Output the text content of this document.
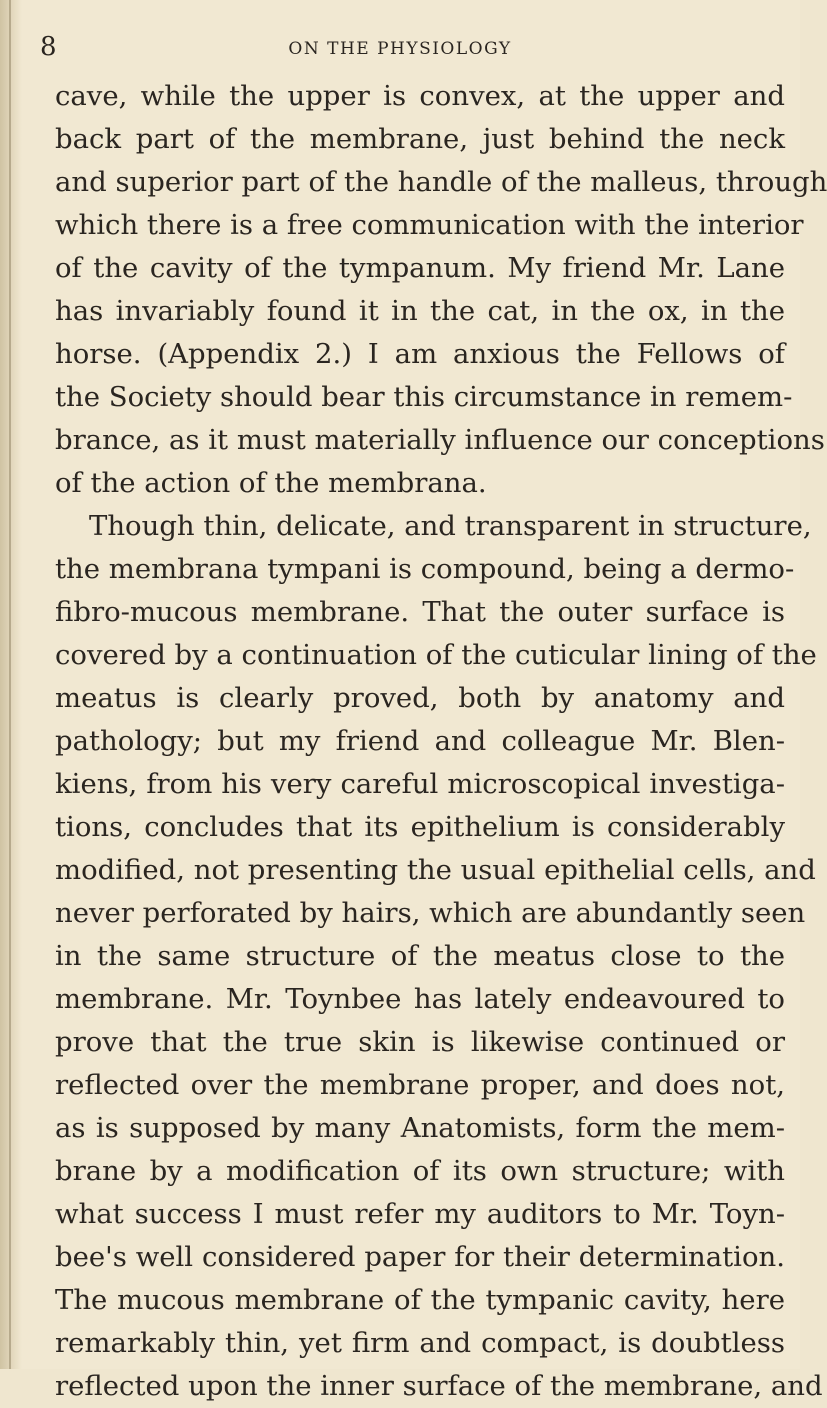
8	ON THE PHYSIOLOGY
cave, while the upper is convex, at the upper and
back part of the membrane, just behind the neck
and superior part of the handle of the malleus, through
which there is a free communication with the interior
of the cavity of the tympanum. My friend Mr. Lane
has invariably found it in the cat, in the ox, in the
horse. (Appendix 2.) I am anxious the Fellows of
the Society should bear this circumstance in remem-
brance, as it must materially influence our conceptions
of the action of the membrana.
Though thin, delicate, and transparent in structure,
the membrana tympani is compound, being a dermo-
fibro-mucous membrane. That the outer surface is
covered by a continuation of the cuticular lining of the
meatus is clearly proved, both by anatomy and
pathology; but my friend and colleague Mr. Blen-
kiens, from his very careful microscopical investiga-
tions, concludes that its epithelium is considerably
modified, not presenting the usual epithelial cells, and
never perforated by hairs, which are abundantly seen
in the same structure of the meatus close to the
membrane. Mr. Toynbee has lately endeavoured to
prove that the true skin is likewise continued or
reflected over the membrane proper, and does not,
as is supposed by many Anatomists, form the mem-
brane by a modification of its own structure; with
what success I must refer my auditors to Mr. Toyn-
bee's well considered paper for their determination.
The mucous membrane of the tympanic cavity, here
remarkably thin, yet firm and compact, is doubtless
reflected upon the inner surface of the membrane, and
